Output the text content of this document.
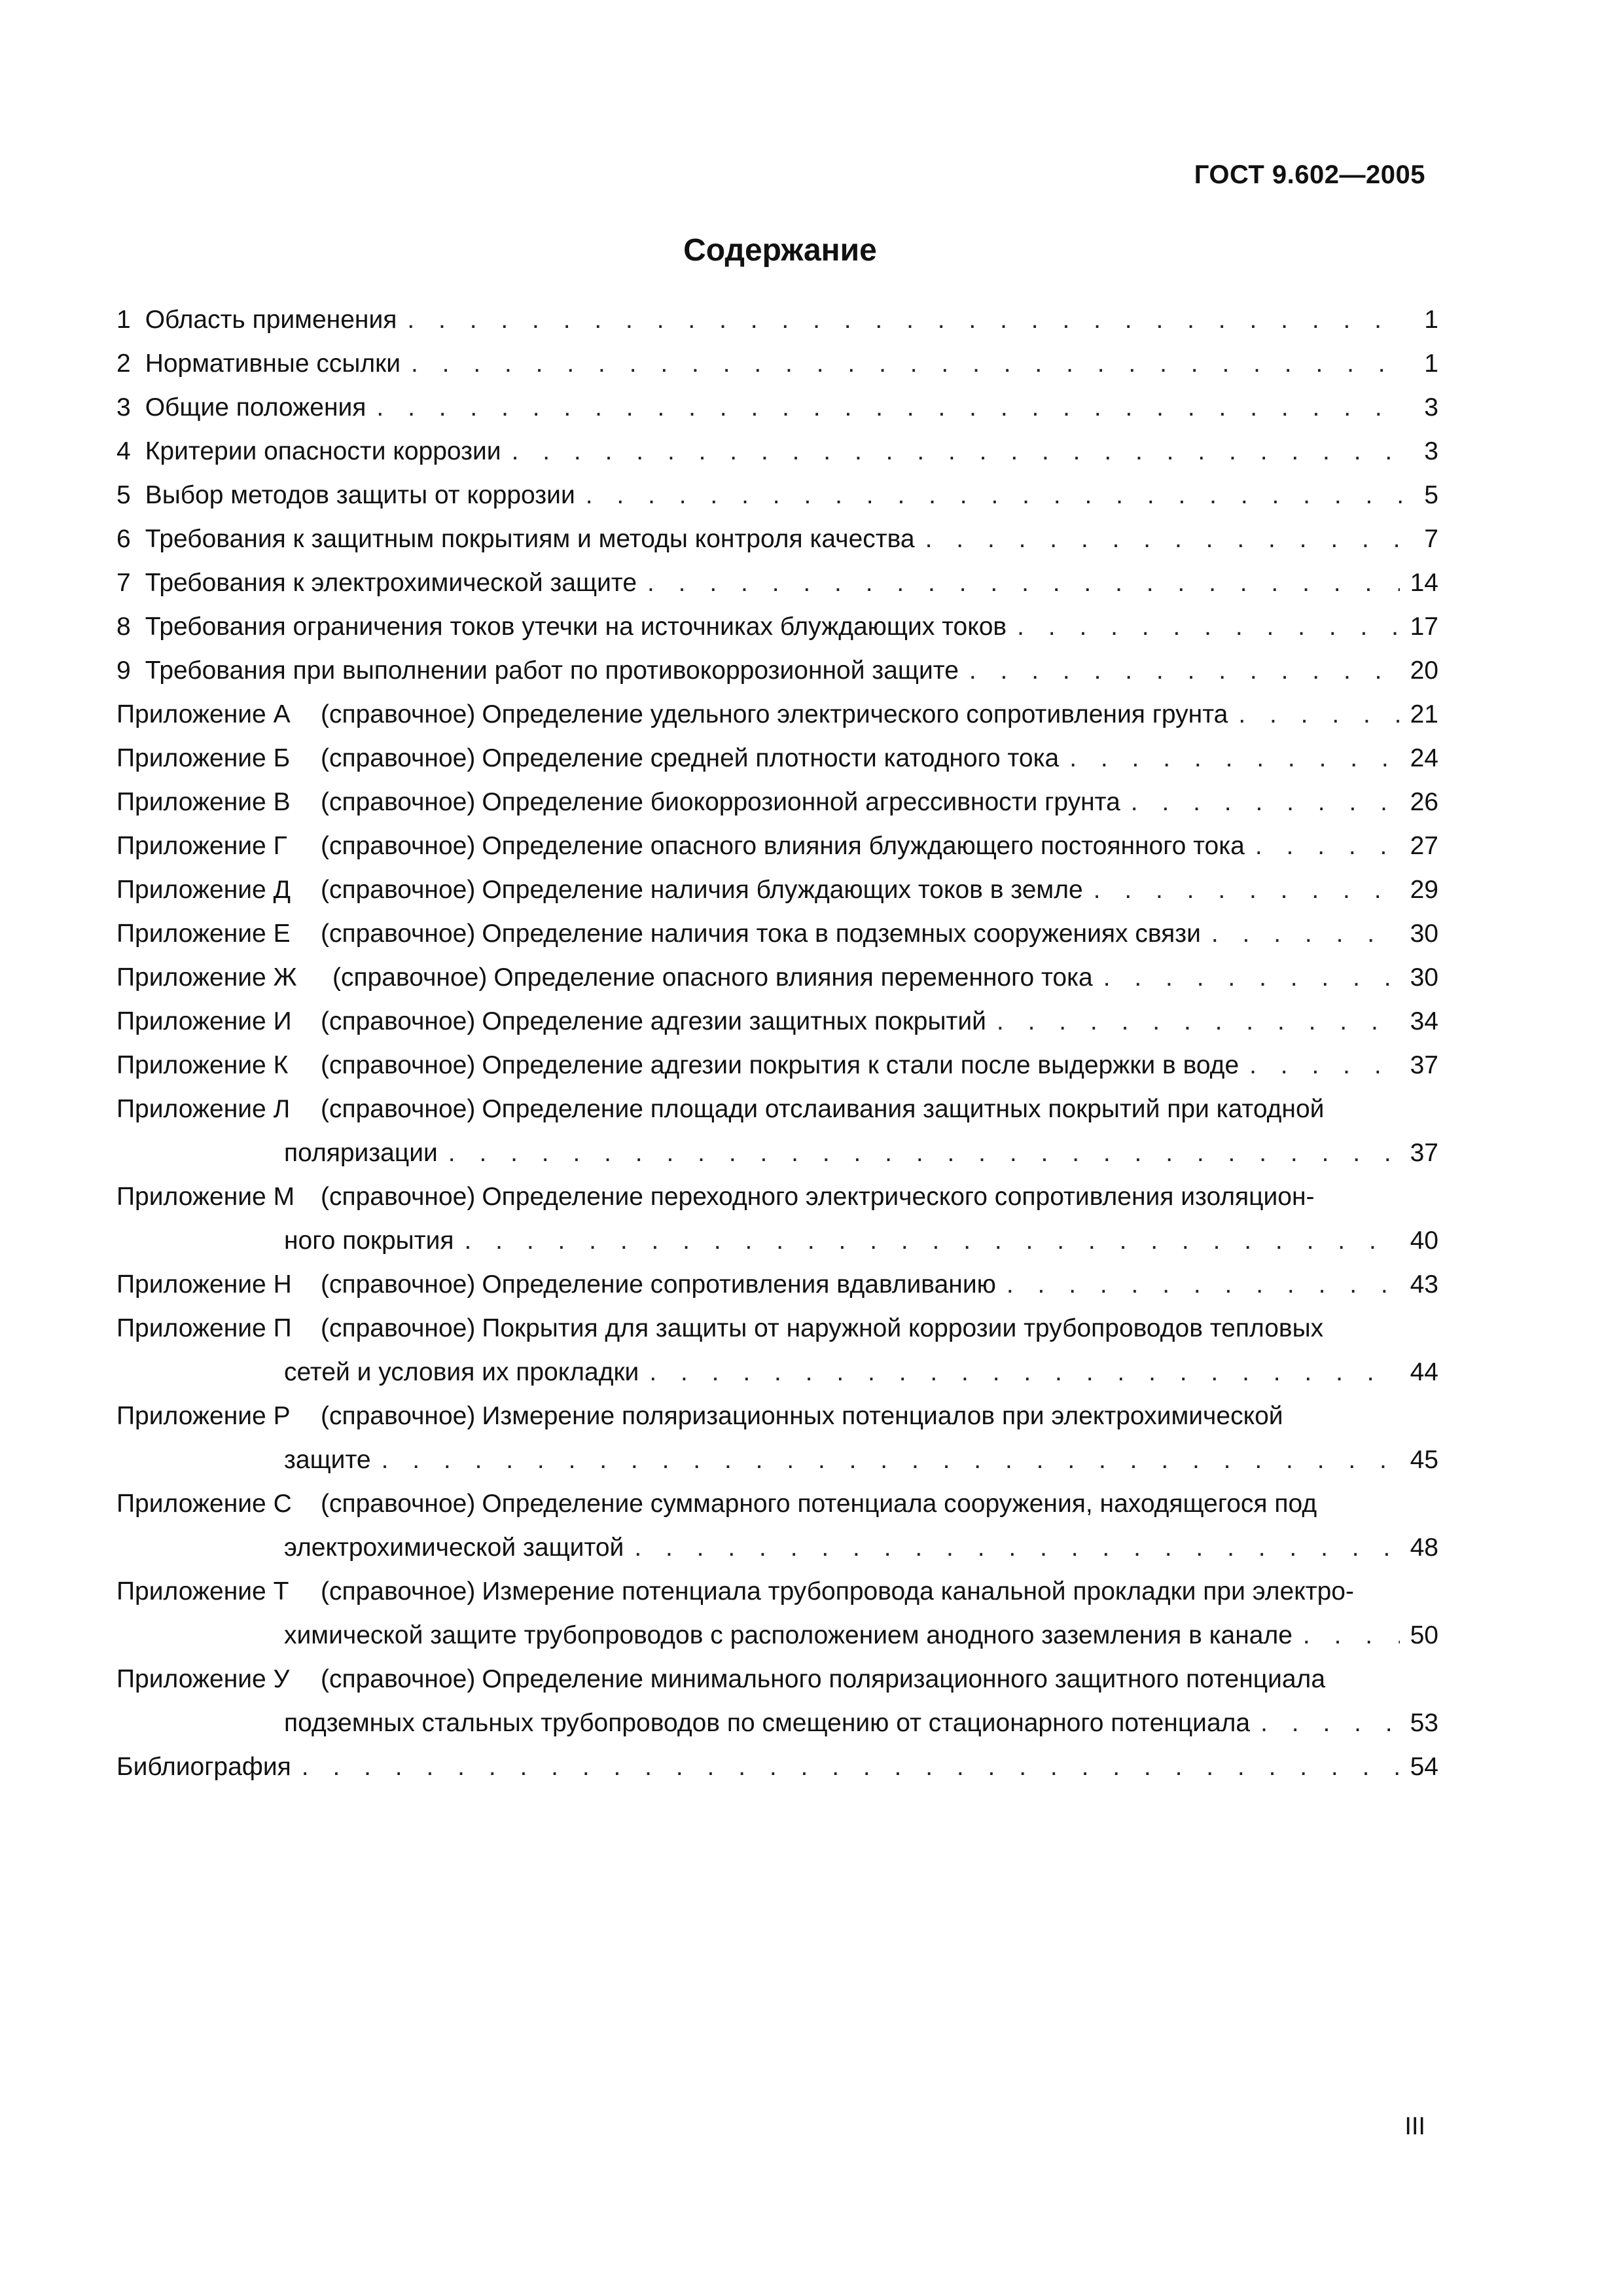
ГОСТ 9.602—2005
Содержание
1 Область применения . . .	1
2 Нормативные ссылки . . .	1
3 Общие положения . . .	3
4 Критерии опасности коррозии . . .	3
5 Выбор методов защиты от коррозии . . .	5
6 Требования к защитным покрытиям и методы контроля качества . . .	7
7 Требования к электрохимической защите . . .	14
8 Требования ограничения токов утечки на источниках блуждающих токов . . .	17
9 Требования при выполнении работ по противокоррозионной защите . . .	20
Приложение А	(справочное) Определение удельного электрического сопротивления грунта . . .	21
Приложение Б	(справочное) Определение средней плотности катодного тока . . .	24
Приложение В	(справочное) Определение биокоррозионной агрессивности грунта . . .	26
Приложение Г	(справочное) Определение опасного влияния блуждающего постоянного тока . . .	27
Приложение Д	(справочное) Определение наличия блуждающих токов в земле . . .	29
Приложение Е	(справочное) Определение наличия тока в подземных сооружениях связи . . .	30
Приложение Ж	(справочное) Определение опасного влияния переменного тока . . .	30
Приложение И	(справочное) Определение адгезии защитных покрытий . . .	34
Приложение К	(справочное) Определение адгезии покрытия к стали после выдержки в воде . . .	37
Приложение Л	(справочное) Определение площади отслаивания защитных покрытий при катодной
поляризации . . .	37
Приложение М	(справочное) Определение переходного электрического сопротивления изоляцион-
ного покрытия . . .	40
Приложение Н	(справочное) Определение сопротивления вдавливанию . . .	43
Приложение П	(справочное) Покрытия для защиты от наружной коррозии трубопроводов тепловых
сетей и условия их прокладки . . .	44
Приложение Р	(справочное) Измерение поляризационных потенциалов при электрохимической
защите . . .	45
Приложение С	(справочное) Определение суммарного потенциала сооружения, находящегося под
электрохимической защитой . . .	48
Приложение Т	(справочное) Измерение потенциала трубопровода канальной прокладки при электро-
химической защите трубопроводов с расположением анодного заземления в канале . . .	50
Приложение У	(справочное) Определение минимального поляризационного защитного потенциала
подземных стальных трубопроводов по смещению от стационарного потенциала . . .	53
Библиография . . .	54
III
